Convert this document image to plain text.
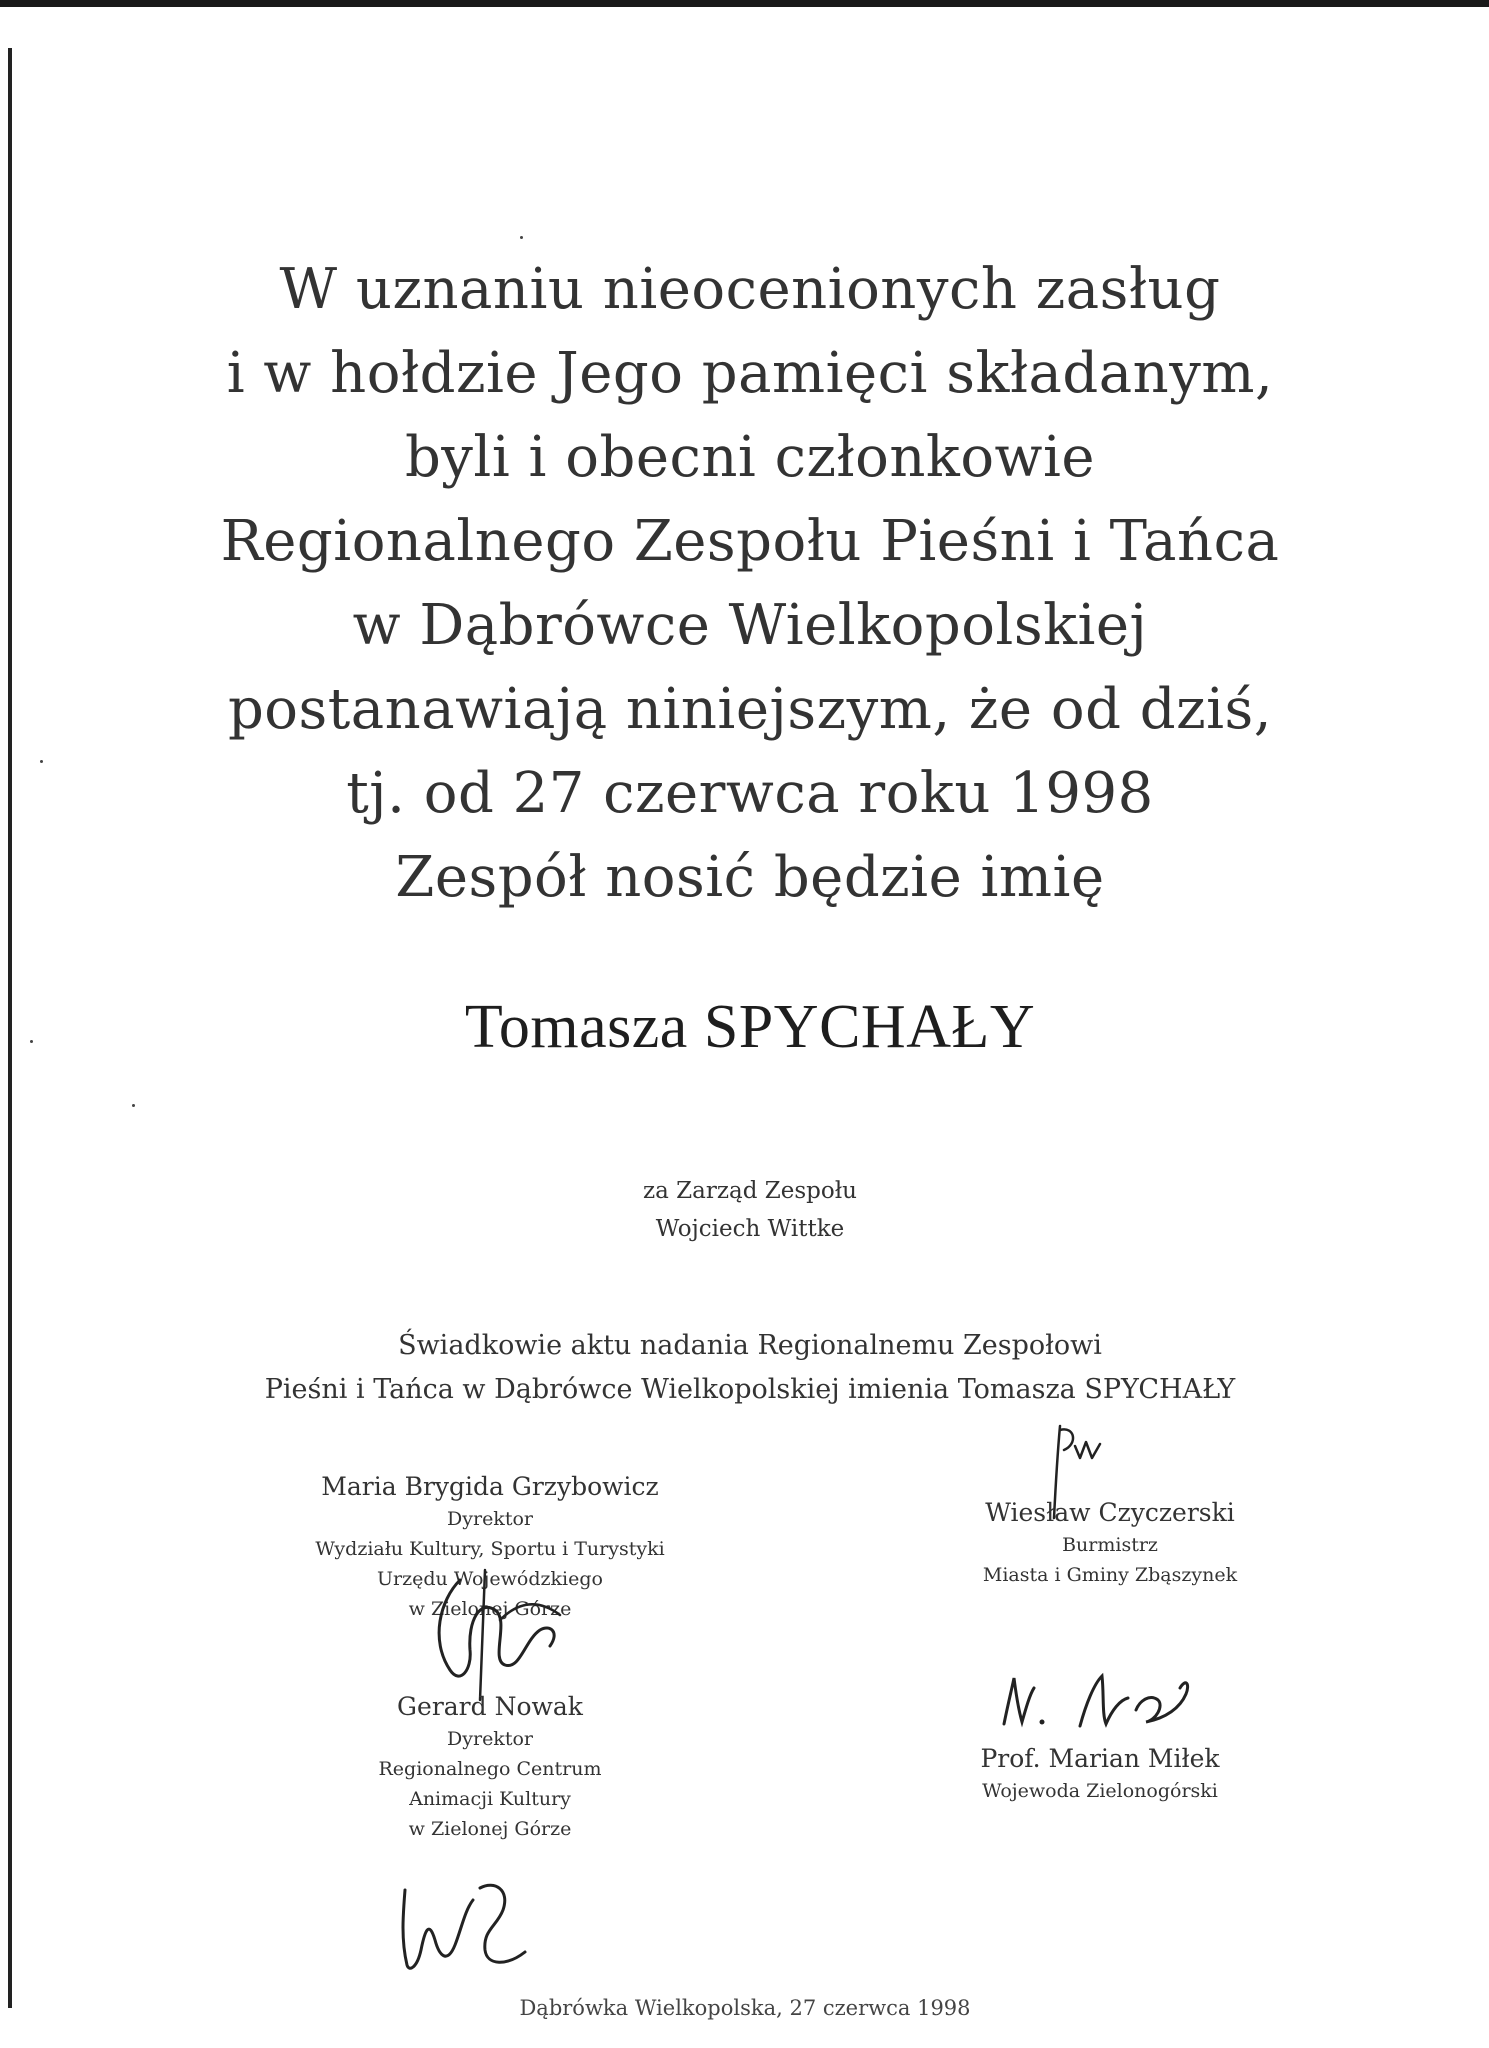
W uznaniu nieocenionych zasług
i w hołdzie Jego pamięci składanym,
byli i obecni członkowie
Regionalnego Zespołu Pieśni i Tańca
w Dąbrówce Wielkopolskiej
postanawiają niniejszym, że od dziś,
tj. od 27 czerwca roku 1998
Zespół nosić będzie imię
Tomasza SPYCHAŁY
za Zarząd Zespołu
Wojciech Wittke
Świadkowie aktu nadania Regionalnemu Zespołowi
Pieśni i Tańca w Dąbrówce Wielkopolskiej imienia Tomasza SPYCHAŁY
Maria Brygida Grzybowicz
Dyrektor
Wydziału Kultury, Sportu i Turystyki
Urzędu Wojewódzkiego
w Zielonej Górze
Wiesław Czyczerski
Burmistrz
Miasta i Gminy Zbąszynek
Gerard Nowak
Dyrektor
Regionalnego Centrum
Animacji Kultury
w Zielonej Górze
Prof. Marian Miłek
Wojewoda Zielonogórski
Dąbrówka Wielkopolska, 27 czerwca 1998
